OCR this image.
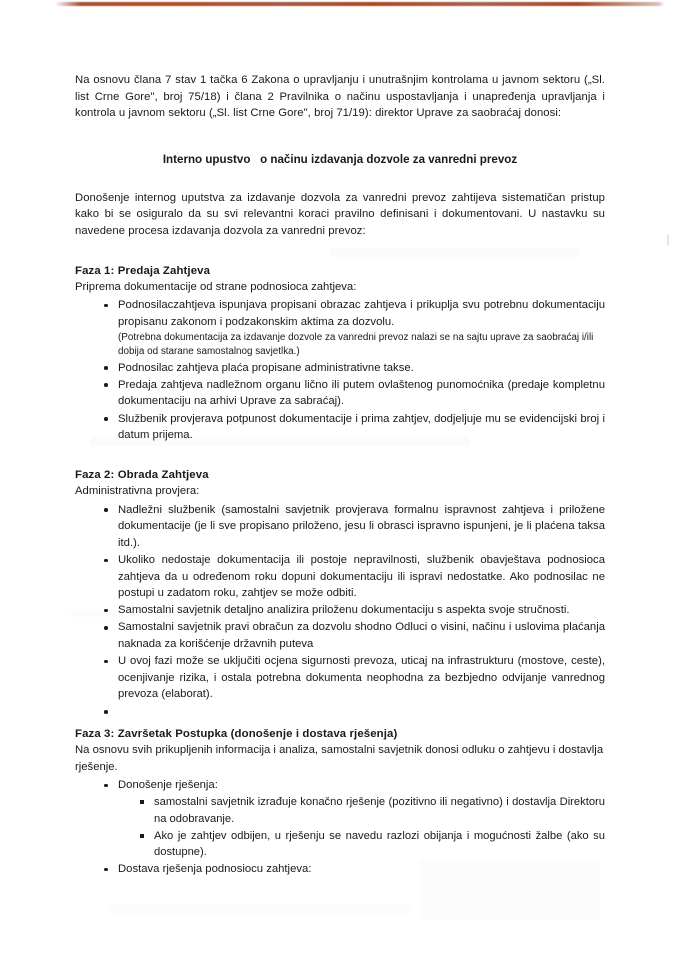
Na osnovu člana 7 stav 1 tačka 6 Zakona o upravljanju i unutrašnjim kontrolama u javnom sektoru („Sl. list Crne Gore", broj 75/18) i člana 2 Pravilnika o načinu uspostavljanja i unapređenja upravljanja i kontrola u javnom sektoru („Sl. list Crne Gore", broj 71/19): direktor Uprave za saobraćaj donosi:

Interno upustvo   o načinu izdavanja dozvole za vanredni prevoz

Donošenje internog uputstva za izdavanje dozvola za vanredni prevoz zahtijeva sistematičan pristup kako bi se osiguralo da su svi relevantni koraci pravilno definisani i dokumentovani. U nastavku su navedene procesa izdavanja dozvola za vanredni prevoz:

Faza 1: Predaja Zahtjeva

Priprema dokumentacije od strane podnosioca zahtjeva:

Podnosilaczahtjeva ispunjava propisani obrazac zahtjeva i prikuplja svu potrebnu dokumentaciju propisanu zakonom i podzakonskim aktima za dozvolu.
(Potrebna dokumentacija za izdavanje dozvole za vanredni prevoz nalazi se na sajtu uprave za saobraćaj i/ili dobija od starane samostalnog savjetlka.)
Podnosilac zahtjeva plaća propisane administrativne takse.
Predaja zahtjeva nadležnom organu lično ili putem ovlaštenog punomoćnika (predaje kompletnu dokumentaciju na arhivi Uprave za sabraćaj).
Službenik provjerava potpunost dokumentacije i prima zahtjev, dodjeljuje mu se evidencijski broj i datum prijema.
Faza 2: Obrada Zahtjeva

Administrativna provjera:

Nadležni službenik (samostalni savjetnik provjerava formalnu ispravnost zahtjeva i priložene dokumentacije (je li sve propisano priloženo, jesu li obrasci ispravno ispunjeni, je li plaćena taksa itd.).
Ukoliko nedostaje dokumentacija ili postoje nepravilnosti, službenik obavještava podnosioca zahtjeva da u određenom roku dopuni dokumentaciju ili ispravi nedostatke. Ako podnosilac ne postupi u zadatom roku, zahtjev se može odbiti.
Samostalni savjetnik detaljno analizira priloženu dokumentaciju s aspekta svoje stručnosti.
Samostalni savjetnik pravi obračun za dozvolu shodno Odluci o visini, načinu i uslovima plaćanja naknada za korišćenje državnih puteva
U ovoj fazi može se uključiti ocjena sigurnosti prevoza, uticaj na infrastrukturu (mostove, ceste), ocenjivanje rizika, i ostala potrebna dokumenta neophodna za bezbjedno odvijanje vanrednog prevoza (elaborat).
Faza 3: Završetak Postupka (donošenje i dostava rješenja)

Na osnovu svih prikupljenih informacija i analiza, samostalni savjetnik donosi odluku o zahtjevu i dostavlja rješenje.

Donošenje rješenja:
samostalni savjetnik izrađuje konačno rješenje (pozitivno ili negativno) i dostavlja Direktoru na odobravanje.
Ako je zahtjev odbijen, u rješenju se navedu razlozi obijanja i mogućnosti žalbe (ako su dostupne).
Dostava rješenja podnosiocu zahtjeva:
